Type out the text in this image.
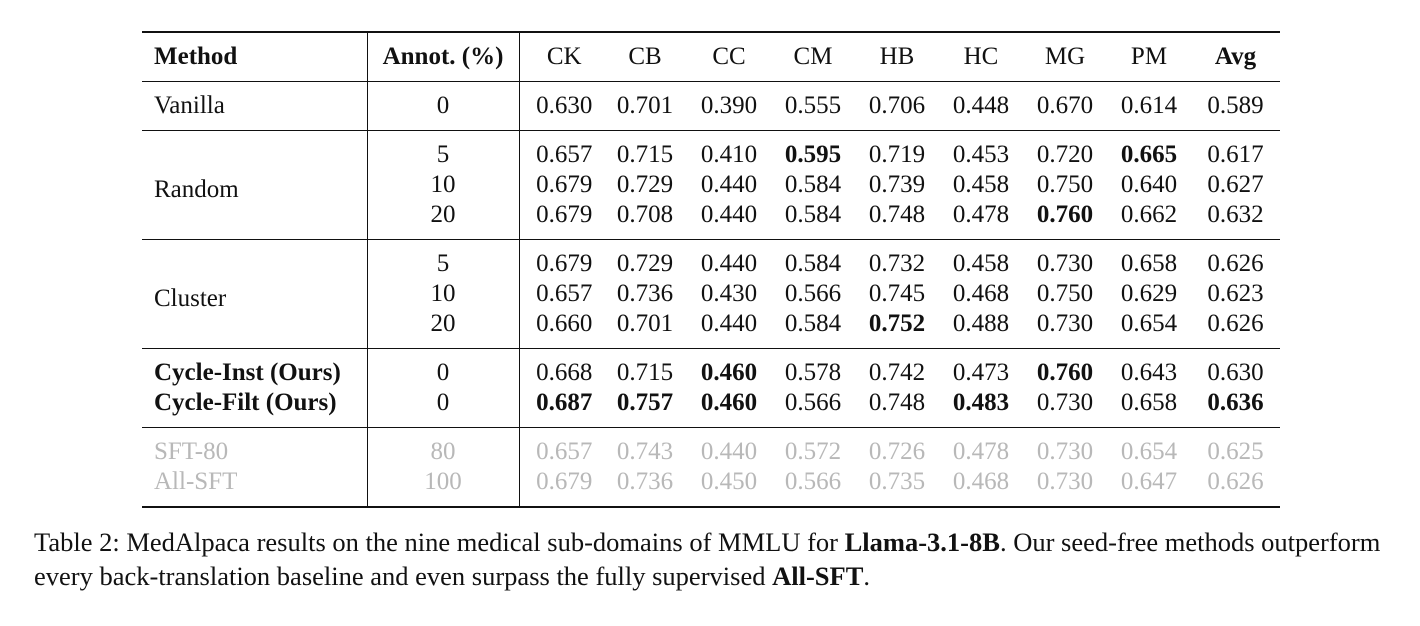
Method	Annot. (%)	CK	CB	CC	CM	HB	HC	MG	PM	Avg
Vanilla	0	0.630	0.701	0.390	0.555	0.706	0.448	0.670	0.614	0.589
Random	5	0.657	0.715	0.410	0.595	0.719	0.453	0.720	0.665	0.617
	10	0.679	0.729	0.440	0.584	0.739	0.458	0.750	0.640	0.627
	20	0.679	0.708	0.440	0.584	0.748	0.478	0.760	0.662	0.632
Cluster	5	0.679	0.729	0.440	0.584	0.732	0.458	0.730	0.658	0.626
	10	0.657	0.736	0.430	0.566	0.745	0.468	0.750	0.629	0.623
	20	0.660	0.701	0.440	0.584	0.752	0.488	0.730	0.654	0.626
Cycle-Inst (Ours)	0	0.668	0.715	0.460	0.578	0.742	0.473	0.760	0.643	0.630
Cycle-Filt (Ours)	0	0.687	0.757	0.460	0.566	0.748	0.483	0.730	0.658	0.636
SFT-80	80	0.657	0.743	0.440	0.572	0.726	0.478	0.730	0.654	0.625
All-SFT	100	0.679	0.736	0.450	0.566	0.735	0.468	0.730	0.647	0.626
Table 2: MedAlpaca results on the nine medical sub-domains of MMLU for Llama-3.1-8B. Our seed-free methods outperform every back-translation baseline and even surpass the fully supervised All-SFT.
